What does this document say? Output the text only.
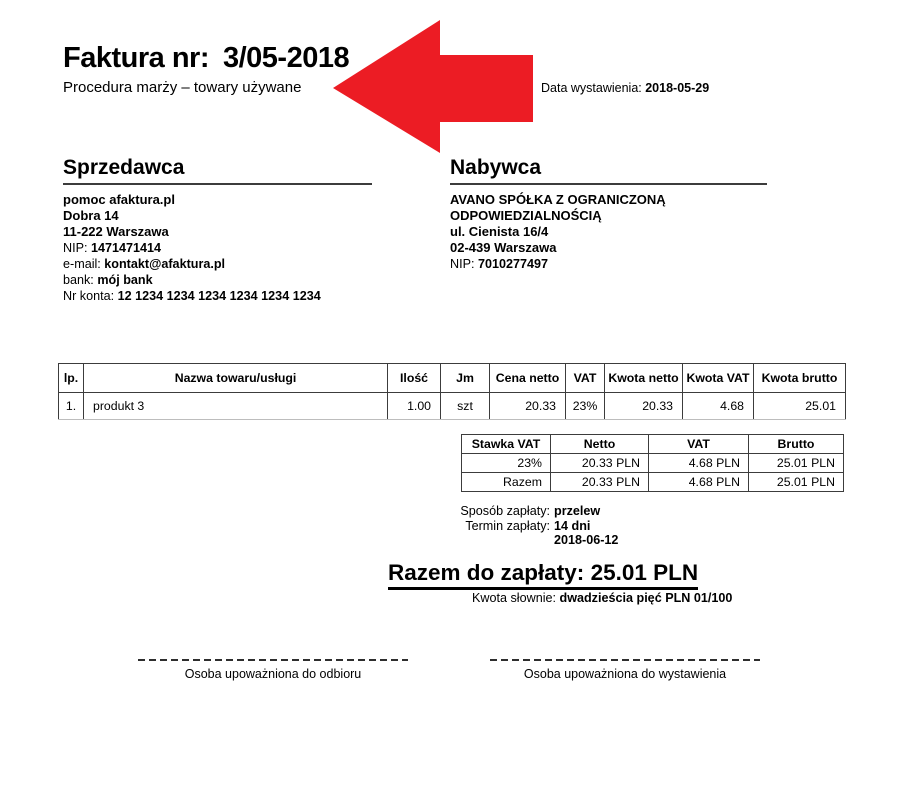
Faktura nr: 3/05-2018
Procedura marży – towary używane	Data wystawienia: 2018-05-29
Sprzedawca
pomoc afaktura.pl
Dobra 14
11-222 Warszawa
NIP: 1471471414
e-mail: kontakt@afaktura.pl
bank: mój bank
Nr konta: 12 1234 1234 1234 1234 1234 1234
Nabywca
AVANO SPÓŁKA Z OGRANICZONĄ
ODPOWIEDZIALNOŚCIĄ
ul. Cienista 16/4
02-439 Warszawa
NIP: 7010277497
lp.	Nazwa towaru/usługi	Ilość	Jm	Cena netto	VAT	Kwota netto	Kwota VAT	Kwota brutto
1.	produkt 3	1.00	szt	20.33	23%	20.33	4.68	25.01
Stawka VAT	Netto	VAT	Brutto
23%	20.33 PLN	4.68 PLN	25.01 PLN
Razem	20.33 PLN	4.68 PLN	25.01 PLN
Sposób zapłaty: przelew
Termin zapłaty: 14 dni
2018-06-12
Razem do zapłaty: 25.01 PLN
Kwota słownie: dwadzieścia pięć PLN 01/100
Osoba upoważniona do odbioru	Osoba upoważniona do wystawienia
